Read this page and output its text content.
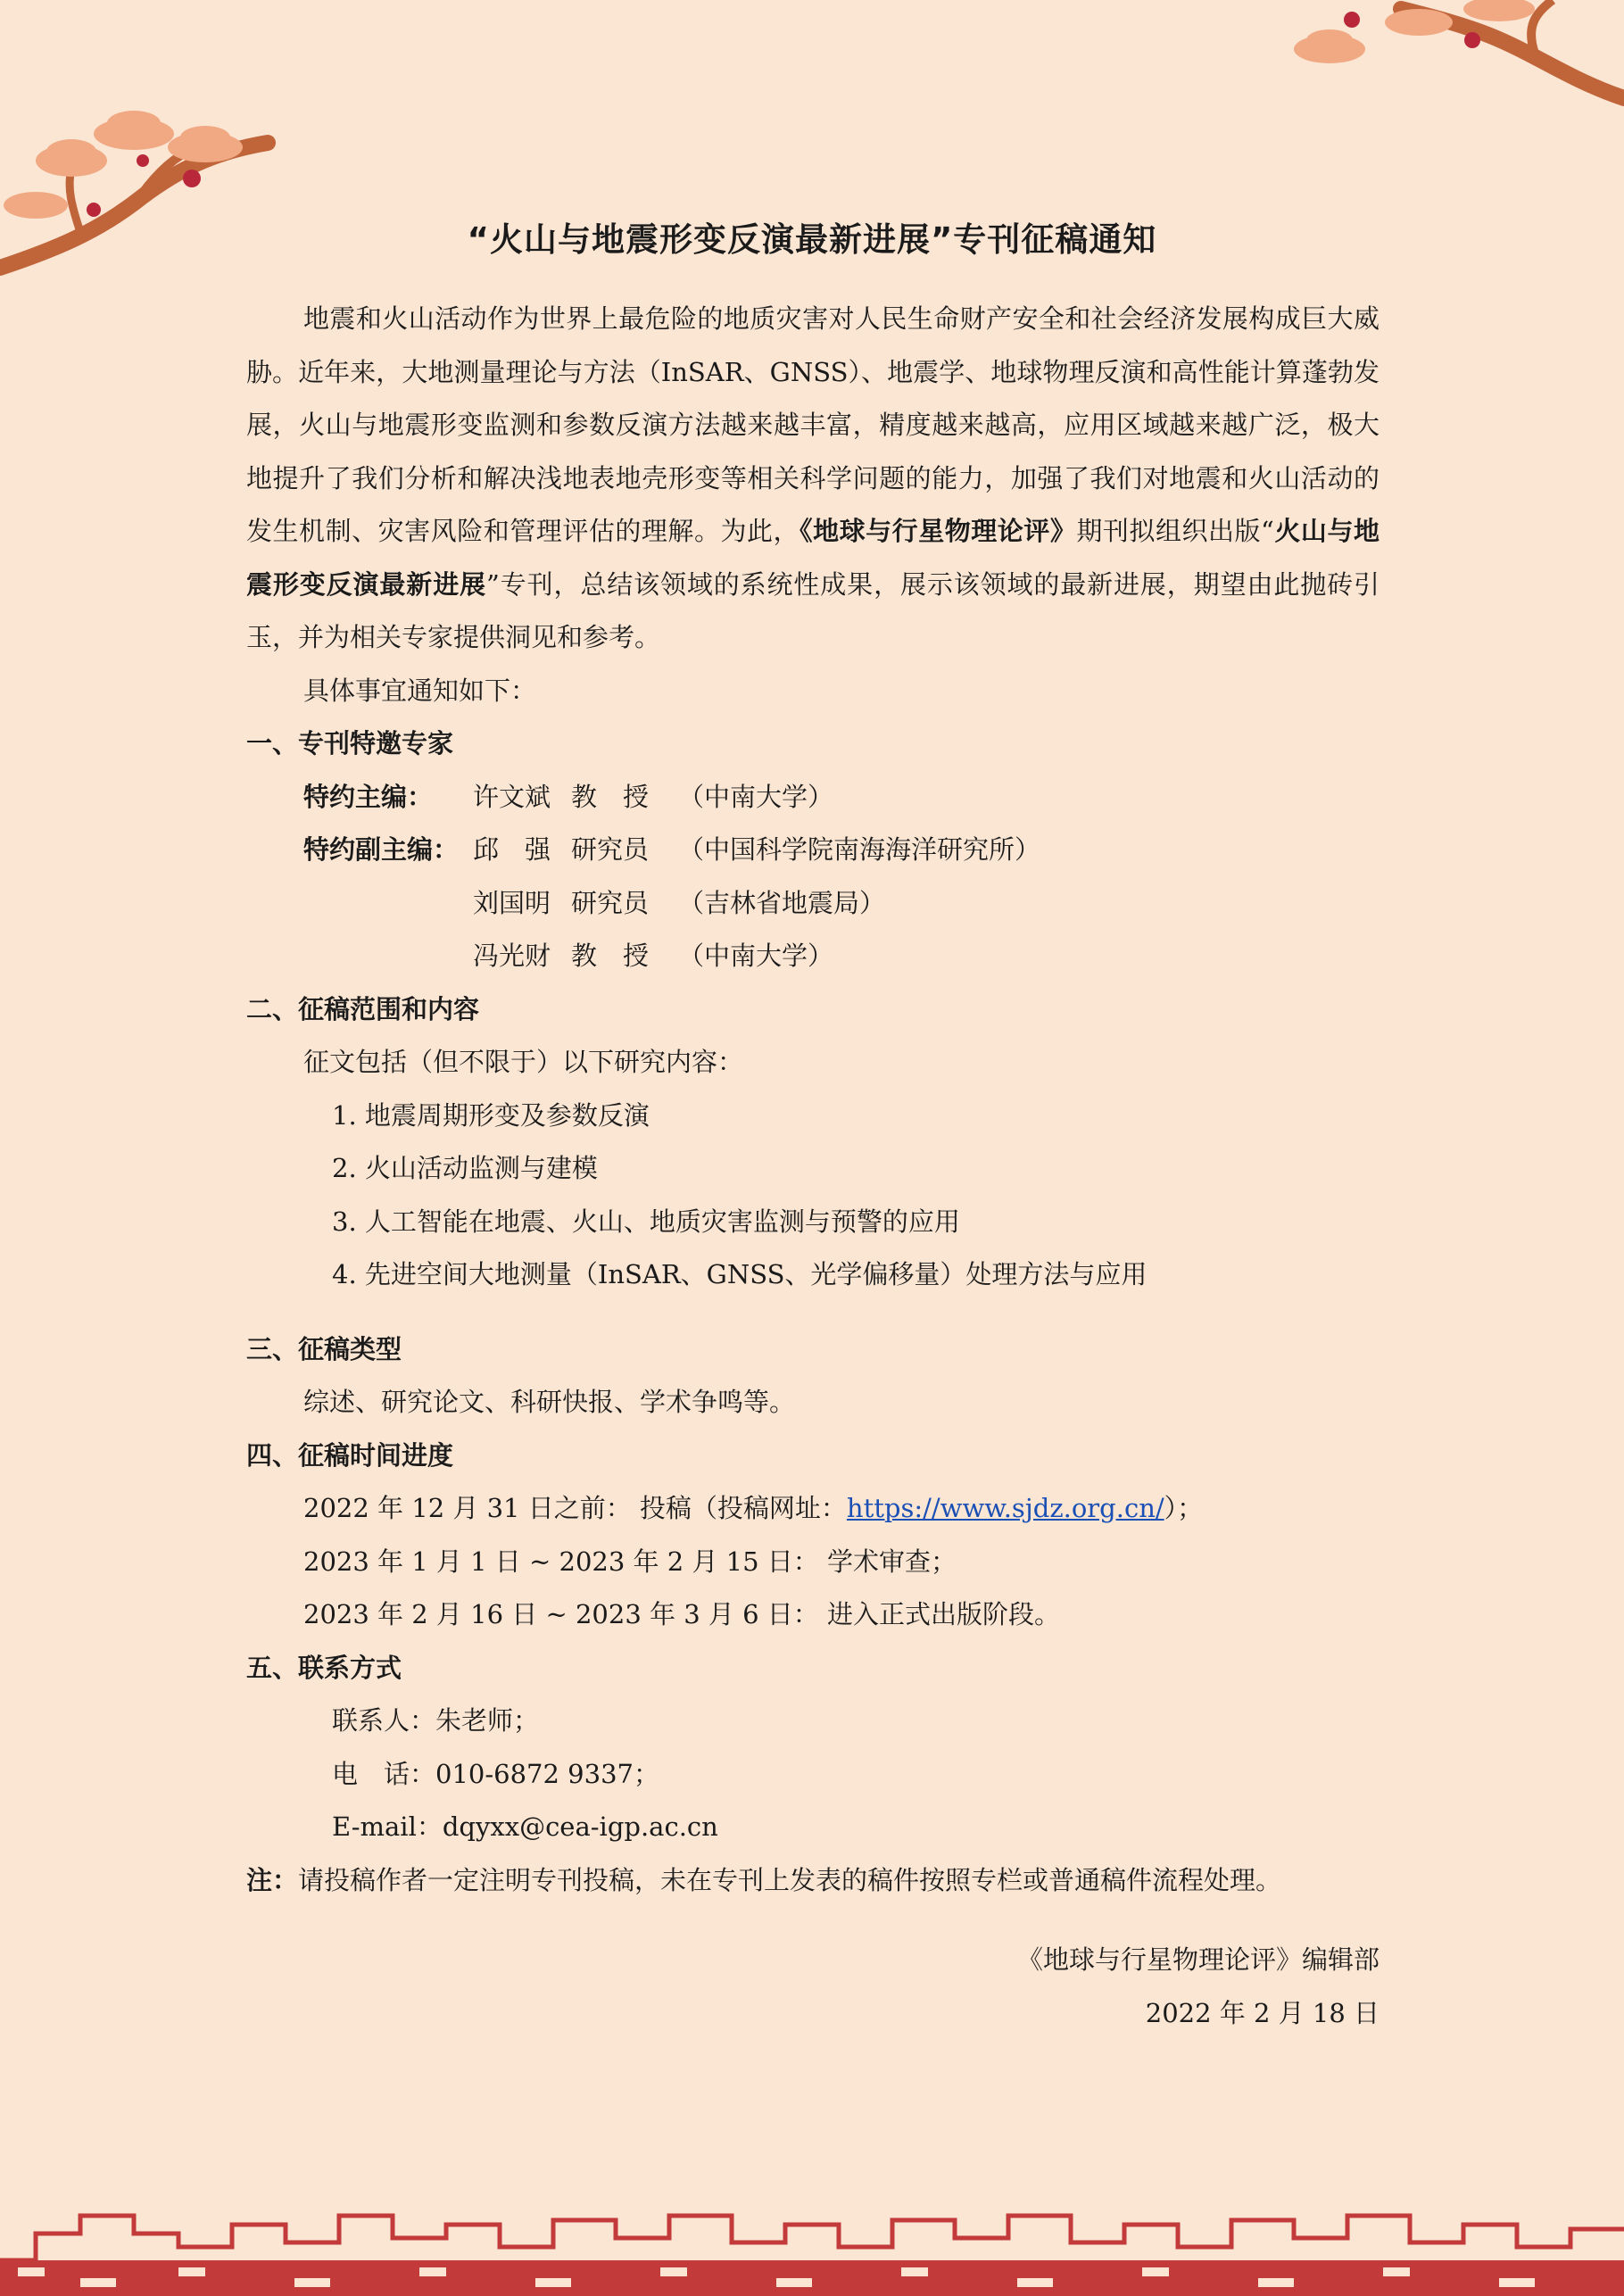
“火山与地震形变反演最新进展”专刊征稿通知

地震和火山活动作为世界上最危险的地质灾害对人民生命财产安全和社会经济发展构成巨大威胁。近年来，大地测量理论与方法（InSAR、GNSS）、地震学、地球物理反演和高性能计算蓬勃发展，火山与地震形变监测和参数反演方法越来越丰富，精度越来越高，应用区域越来越广泛，极大地提升了我们分析和解决浅地表地壳形变等相关科学问题的能力，加强了我们对地震和火山活动的发生机制、灾害风险和管理评估的理解。为此，《地球与行星物理论评》期刊拟组织出版“火山与地震形变反演最新进展”专刊，总结该领域的系统性成果，展示该领域的最新进展，期望由此抛砖引玉，并为相关专家提供洞见和参考。

具体事宜通知如下：

一、专刊特邀专家

特约主编：	许文斌 教　授	（中南大学）
特约副主编： 邱　强 研究员	（中国科学院南海海洋研究所）
刘国明 研究员	（吉林省地震局）
冯光财 教　授	（中南大学）

二、征稿范围和内容

征文包括（但不限于）以下研究内容：

1. 地震周期形变及参数反演

2. 火山活动监测与建模

3. 人工智能在地震、火山、地质灾害监测与预警的应用

4. 先进空间大地测量（InSAR、GNSS、光学偏移量）处理方法与应用

三、征稿类型

综述、研究论文、科研快报、学术争鸣等。

四、征稿时间进度

2022 年 12 月 31 日之前： 投稿（投稿网址：https://www.sjdz.org.cn/）；

2023 年 1 月 1 日 ~ 2023 年 2 月 15 日： 学术审查；

2023 年 2 月 16 日 ~ 2023 年 3 月 6 日： 进入正式出版阶段。

五、联系方式

联系人：朱老师；

电　话：010-6872 9337；

E-mail：dqyxx@cea-igp.ac.cn

注：请投稿作者一定注明专刊投稿，未在专刊上发表的稿件按照专栏或普通稿件流程处理。

《地球与行星物理论评》编辑部

2022 年 2 月 18 日
